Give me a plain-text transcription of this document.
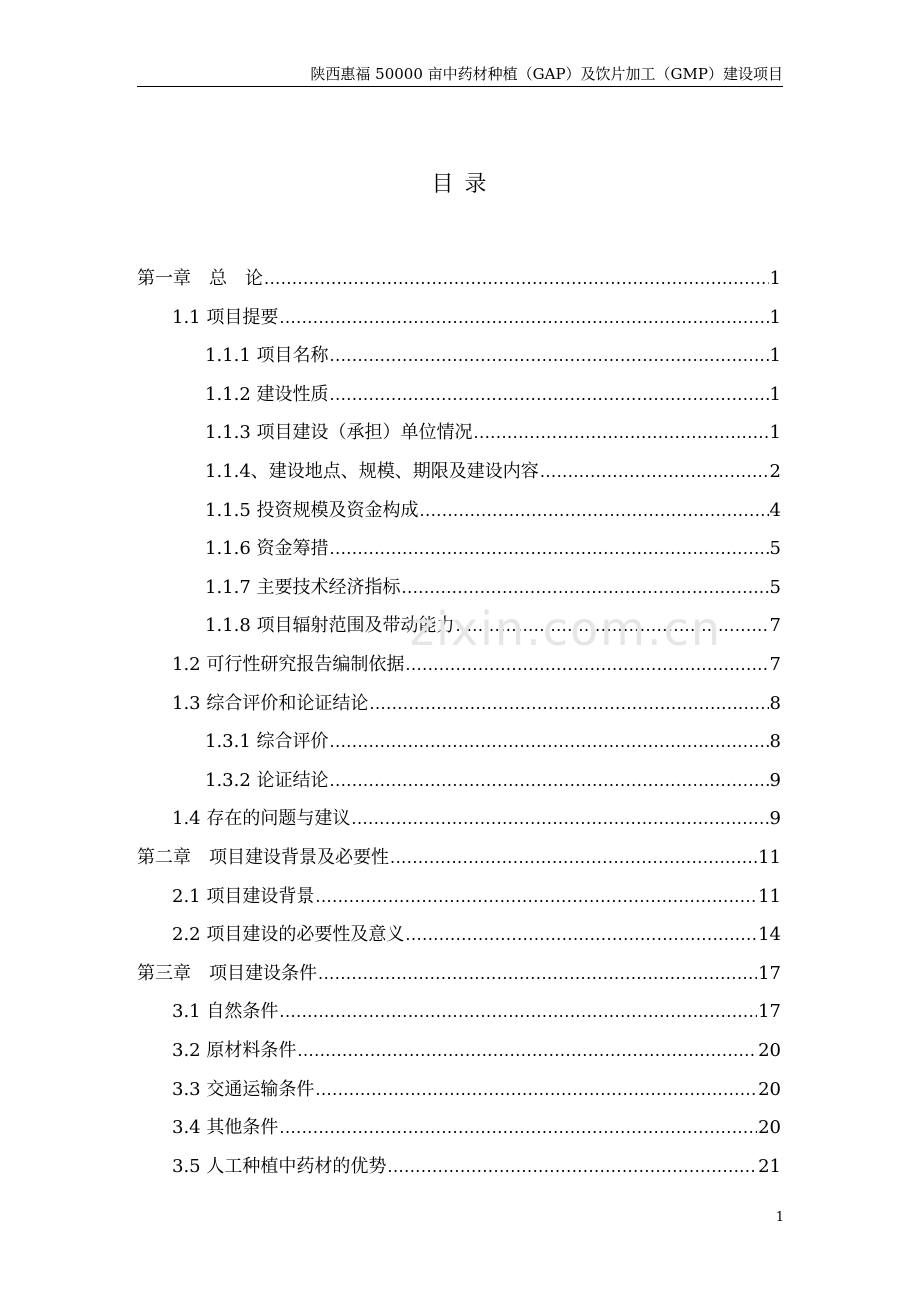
陕西惠福 50000 亩中药材种植（GAP）及饮片加工（GMP）建设项目
目 录
第一章　总　论 .....	1
1.1 项目提要 .....	1
1.1.1 项目名称 .....	1
1.1.2 建设性质 .....	1
1.1.3 项目建设（承担）单位情况 .....	1
1.1.4、建设地点、规模、期限及建设内容 .....	2
1.1.5 投资规模及资金构成 .....	4
1.1.6 资金筹措 .....	5
1.1.7 主要技术经济指标 .....	5
1.1.8 项目辐射范围及带动能力 .....	7
1.2 可行性研究报告编制依据 .....	7
1.3 综合评价和论证结论 .....	8
1.3.1 综合评价 .....	8
1.3.2 论证结论 .....	9
1.4 存在的问题与建议 .....	9
第二章　项目建设背景及必要性 .....	11
2.1 项目建设背景 .....	11
2.2 项目建设的必要性及意义 .....	14
第三章　项目建设条件 .....	17
3.1 自然条件 .....	17
3.2 原材料条件 .....	20
3.3 交通运输条件 .....	20
3.4 其他条件 .....	20
3.5 人工种植中药材的优势 .....	21
zixin.com.cn
1
